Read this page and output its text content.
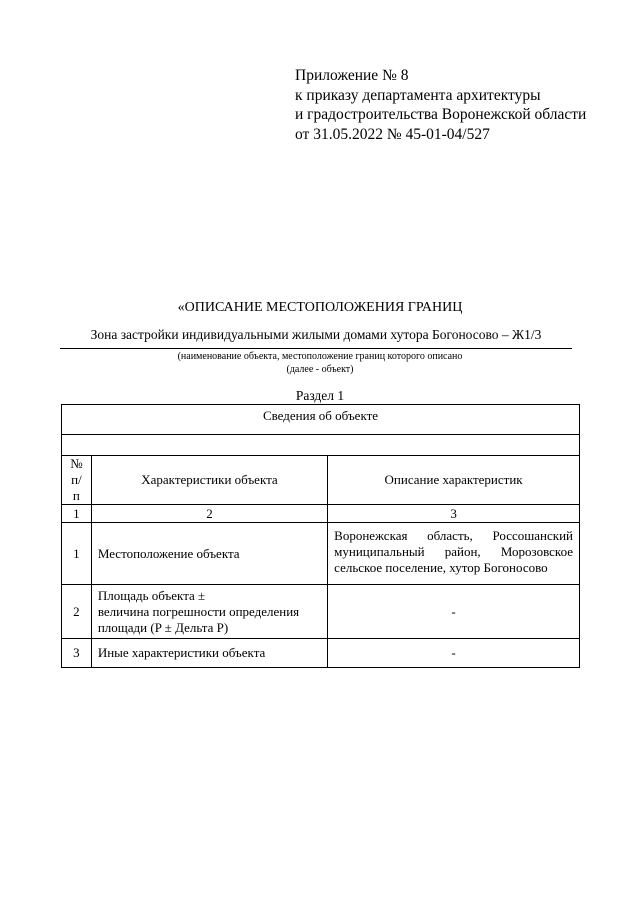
Приложение № 8
к приказу департамента архитектуры
и градостроительства Воронежской области
от 31.05.2022 № 45-01-04/527
«ОПИСАНИЕ МЕСТОПОЛОЖЕНИЯ ГРАНИЦ
Зона застройки индивидуальными жилыми домами хутора Богоносово – Ж1/3
(наименование объекта, местоположение границ которого описано
(далее - объект)
Раздел 1
Сведения об объекте		

№
п/п	Характеристики объекта	Описание характеристик
1	2	3
1	Местоположение объекта	Воронежская область, Россошанский
муниципальный район, Морозовское
сельское поселение, хутор Богоносово

2	Площадь объекта ±
величина погрешности определения
площади (P ± Дельта P)	-
3	Иные характеристики объекта	-
